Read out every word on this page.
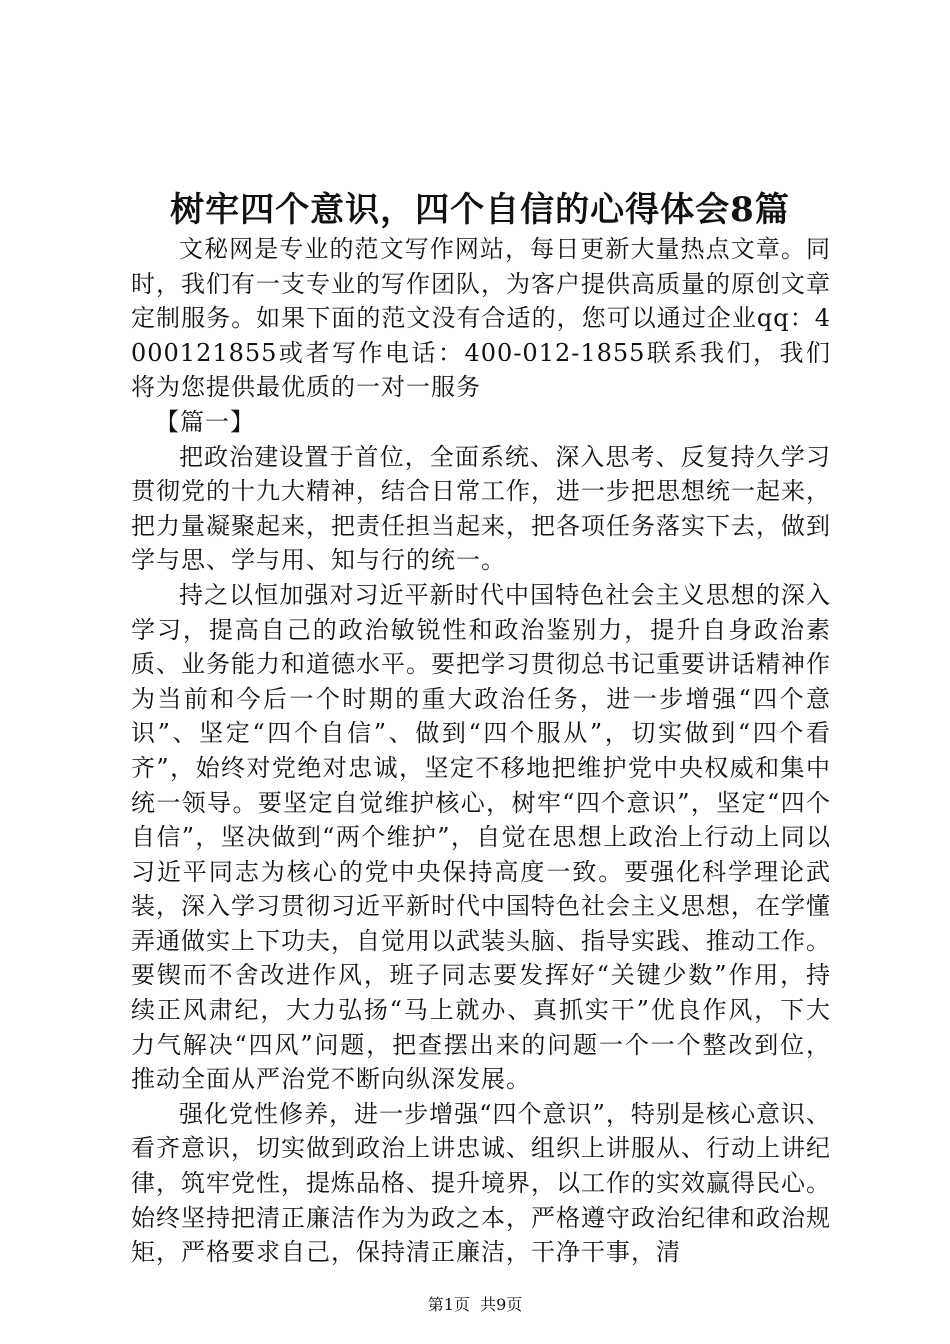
树牢四个意识，四个自信的心得体会8篇

文秘网是专业的范文写作网站，每日更新大量热点文章。同时，我们有一支专业的写作团队，为客户提供高质量的原创文章定制服务。如果下面的范文没有合适的，您可以通过企业qq：4000121855或者写作电话：400-012-1855联系我们，我们将为您提供最优质的一对一服务

【篇一】

把政治建设置于首位，全面系统、深入思考、反复持久学习贯彻党的十九大精神，结合日常工作，进一步把思想统一起来，把力量凝聚起来，把责任担当起来，把各项任务落实下去，做到学与思、学与用、知与行的统一。

持之以恒加强对习近平新时代中国特色社会主义思想的深入学习，提高自己的政治敏锐性和政治鉴别力，提升自身政治素质、业务能力和道德水平。要把学习贯彻总书记重要讲话精神作为当前和今后一个时期的重大政治任务，进一步增强“四个意识”、坚定“四个自信”、做到“四个服从”，切实做到“四个看齐”，始终对党绝对忠诚，坚定不移地把维护党中央权威和集中统一领导。要坚定自觉维护核心，树牢“四个意识”，坚定“四个自信”，坚决做到“两个维护”，自觉在思想上政治上行动上同以习近平同志为核心的党中央保持高度一致。要强化科学理论武装，深入学习贯彻习近平新时代中国特色社会主义思想，在学懂弄通做实上下功夫，自觉用以武装头脑、指导实践、推动工作。要锲而不舍改进作风，班子同志要发挥好“关键少数”作用，持续正风肃纪，大力弘扬“马上就办、真抓实干”优良作风，下大力气解决“四风”问题，把查摆出来的问题一个一个整改到位，推动全面从严治党不断向纵深发展。

强化党性修养，进一步增强“四个意识”，特别是核心意识、看齐意识，切实做到政治上讲忠诚、组织上讲服从、行动上讲纪律，筑牢党性，提炼品格、提升境界，以工作的实效赢得民心。始终坚持把清正廉洁作为为政之本，严格遵守政治纪律和政治规矩，严格要求自己，保持清正廉洁，干净干事，清

第1页  共9页
